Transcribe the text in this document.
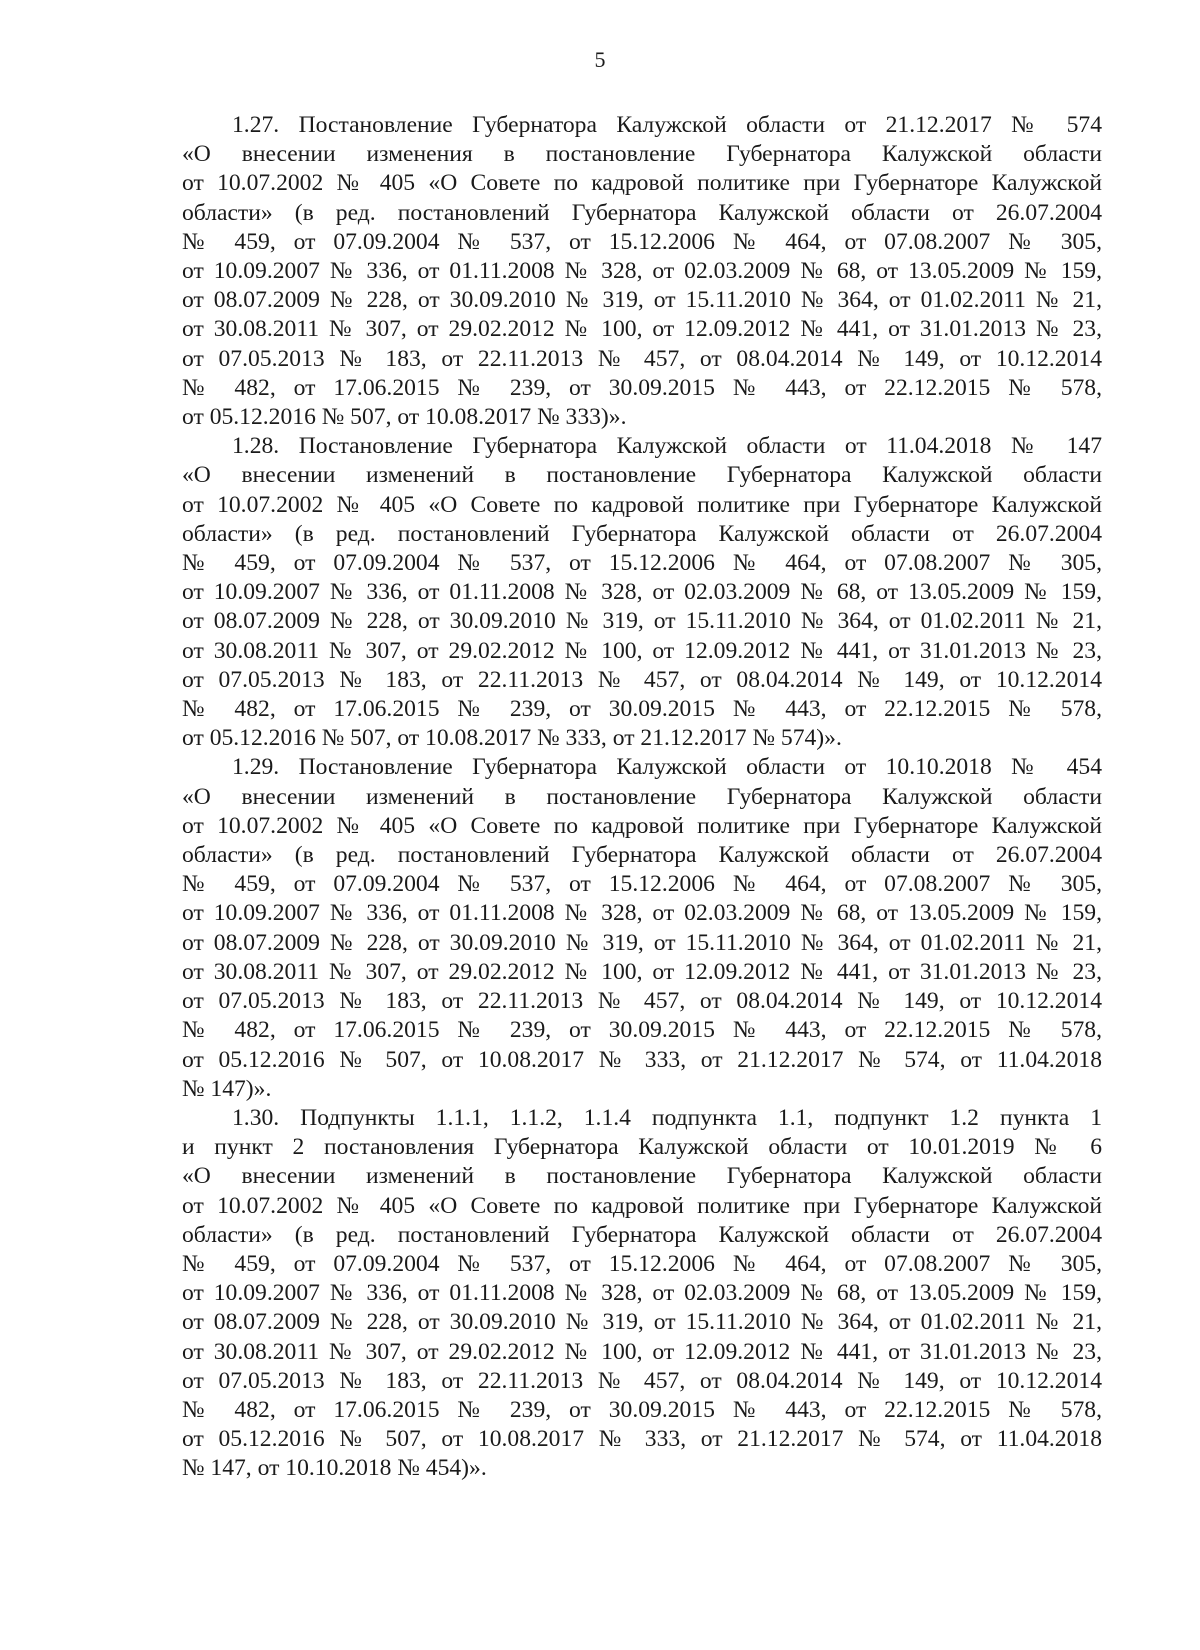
5
1.27. Постановление Губернатора Калужской области от 21.12.2017 № 574
«О внесении изменения в постановление Губернатора Калужской области
от 10.07.2002 № 405 «О Совете по кадровой политике при Губернаторе Калужской
области» (в ред. постановлений Губернатора Калужской области от 26.07.2004
№ 459, от 07.09.2004 № 537, от 15.12.2006 № 464, от 07.08.2007 № 305,
от 10.09.2007 № 336, от 01.11.2008 № 328, от 02.03.2009 № 68, от 13.05.2009 № 159,
от 08.07.2009 № 228, от 30.09.2010 № 319, от 15.11.2010 № 364, от 01.02.2011 № 21,
от 30.08.2011 № 307, от 29.02.2012 № 100, от 12.09.2012 № 441, от 31.01.2013 № 23,
от 07.05.2013 № 183, от 22.11.2013 № 457, от 08.04.2014 № 149, от 10.12.2014
№ 482, от 17.06.2015 № 239, от 30.09.2015 № 443, от 22.12.2015 № 578,
от 05.12.2016 № 507, от 10.08.2017 № 333)».
1.28. Постановление Губернатора Калужской области от 11.04.2018 № 147
«О внесении изменений в постановление Губернатора Калужской области
от 10.07.2002 № 405 «О Совете по кадровой политике при Губернаторе Калужской
области» (в ред. постановлений Губернатора Калужской области от 26.07.2004
№ 459, от 07.09.2004 № 537, от 15.12.2006 № 464, от 07.08.2007 № 305,
от 10.09.2007 № 336, от 01.11.2008 № 328, от 02.03.2009 № 68, от 13.05.2009 № 159,
от 08.07.2009 № 228, от 30.09.2010 № 319, от 15.11.2010 № 364, от 01.02.2011 № 21,
от 30.08.2011 № 307, от 29.02.2012 № 100, от 12.09.2012 № 441, от 31.01.2013 № 23,
от 07.05.2013 № 183, от 22.11.2013 № 457, от 08.04.2014 № 149, от 10.12.2014
№ 482, от 17.06.2015 № 239, от 30.09.2015 № 443, от 22.12.2015 № 578,
от 05.12.2016 № 507, от 10.08.2017 № 333, от 21.12.2017 № 574)».
1.29. Постановление Губернатора Калужской области от 10.10.2018 № 454
«О внесении изменений в постановление Губернатора Калужской области
от 10.07.2002 № 405 «О Совете по кадровой политике при Губернаторе Калужской
области» (в ред. постановлений Губернатора Калужской области от 26.07.2004
№ 459, от 07.09.2004 № 537, от 15.12.2006 № 464, от 07.08.2007 № 305,
от 10.09.2007 № 336, от 01.11.2008 № 328, от 02.03.2009 № 68, от 13.05.2009 № 159,
от 08.07.2009 № 228, от 30.09.2010 № 319, от 15.11.2010 № 364, от 01.02.2011 № 21,
от 30.08.2011 № 307, от 29.02.2012 № 100, от 12.09.2012 № 441, от 31.01.2013 № 23,
от 07.05.2013 № 183, от 22.11.2013 № 457, от 08.04.2014 № 149, от 10.12.2014
№ 482, от 17.06.2015 № 239, от 30.09.2015 № 443, от 22.12.2015 № 578,
от 05.12.2016 № 507, от 10.08.2017 № 333, от 21.12.2017 № 574, от 11.04.2018
№ 147)».
1.30. Подпункты 1.1.1, 1.1.2, 1.1.4 подпункта 1.1, подпункт 1.2 пункта 1
и пункт 2 постановления Губернатора Калужской области от 10.01.2019 № 6
«О внесении изменений в постановление Губернатора Калужской области
от 10.07.2002 № 405 «О Совете по кадровой политике при Губернаторе Калужской
области» (в ред. постановлений Губернатора Калужской области от 26.07.2004
№ 459, от 07.09.2004 № 537, от 15.12.2006 № 464, от 07.08.2007 № 305,
от 10.09.2007 № 336, от 01.11.2008 № 328, от 02.03.2009 № 68, от 13.05.2009 № 159,
от 08.07.2009 № 228, от 30.09.2010 № 319, от 15.11.2010 № 364, от 01.02.2011 № 21,
от 30.08.2011 № 307, от 29.02.2012 № 100, от 12.09.2012 № 441, от 31.01.2013 № 23,
от 07.05.2013 № 183, от 22.11.2013 № 457, от 08.04.2014 № 149, от 10.12.2014
№ 482, от 17.06.2015 № 239, от 30.09.2015 № 443, от 22.12.2015 № 578,
от 05.12.2016 № 507, от 10.08.2017 № 333, от 21.12.2017 № 574, от 11.04.2018
№ 147, от 10.10.2018 № 454)».
